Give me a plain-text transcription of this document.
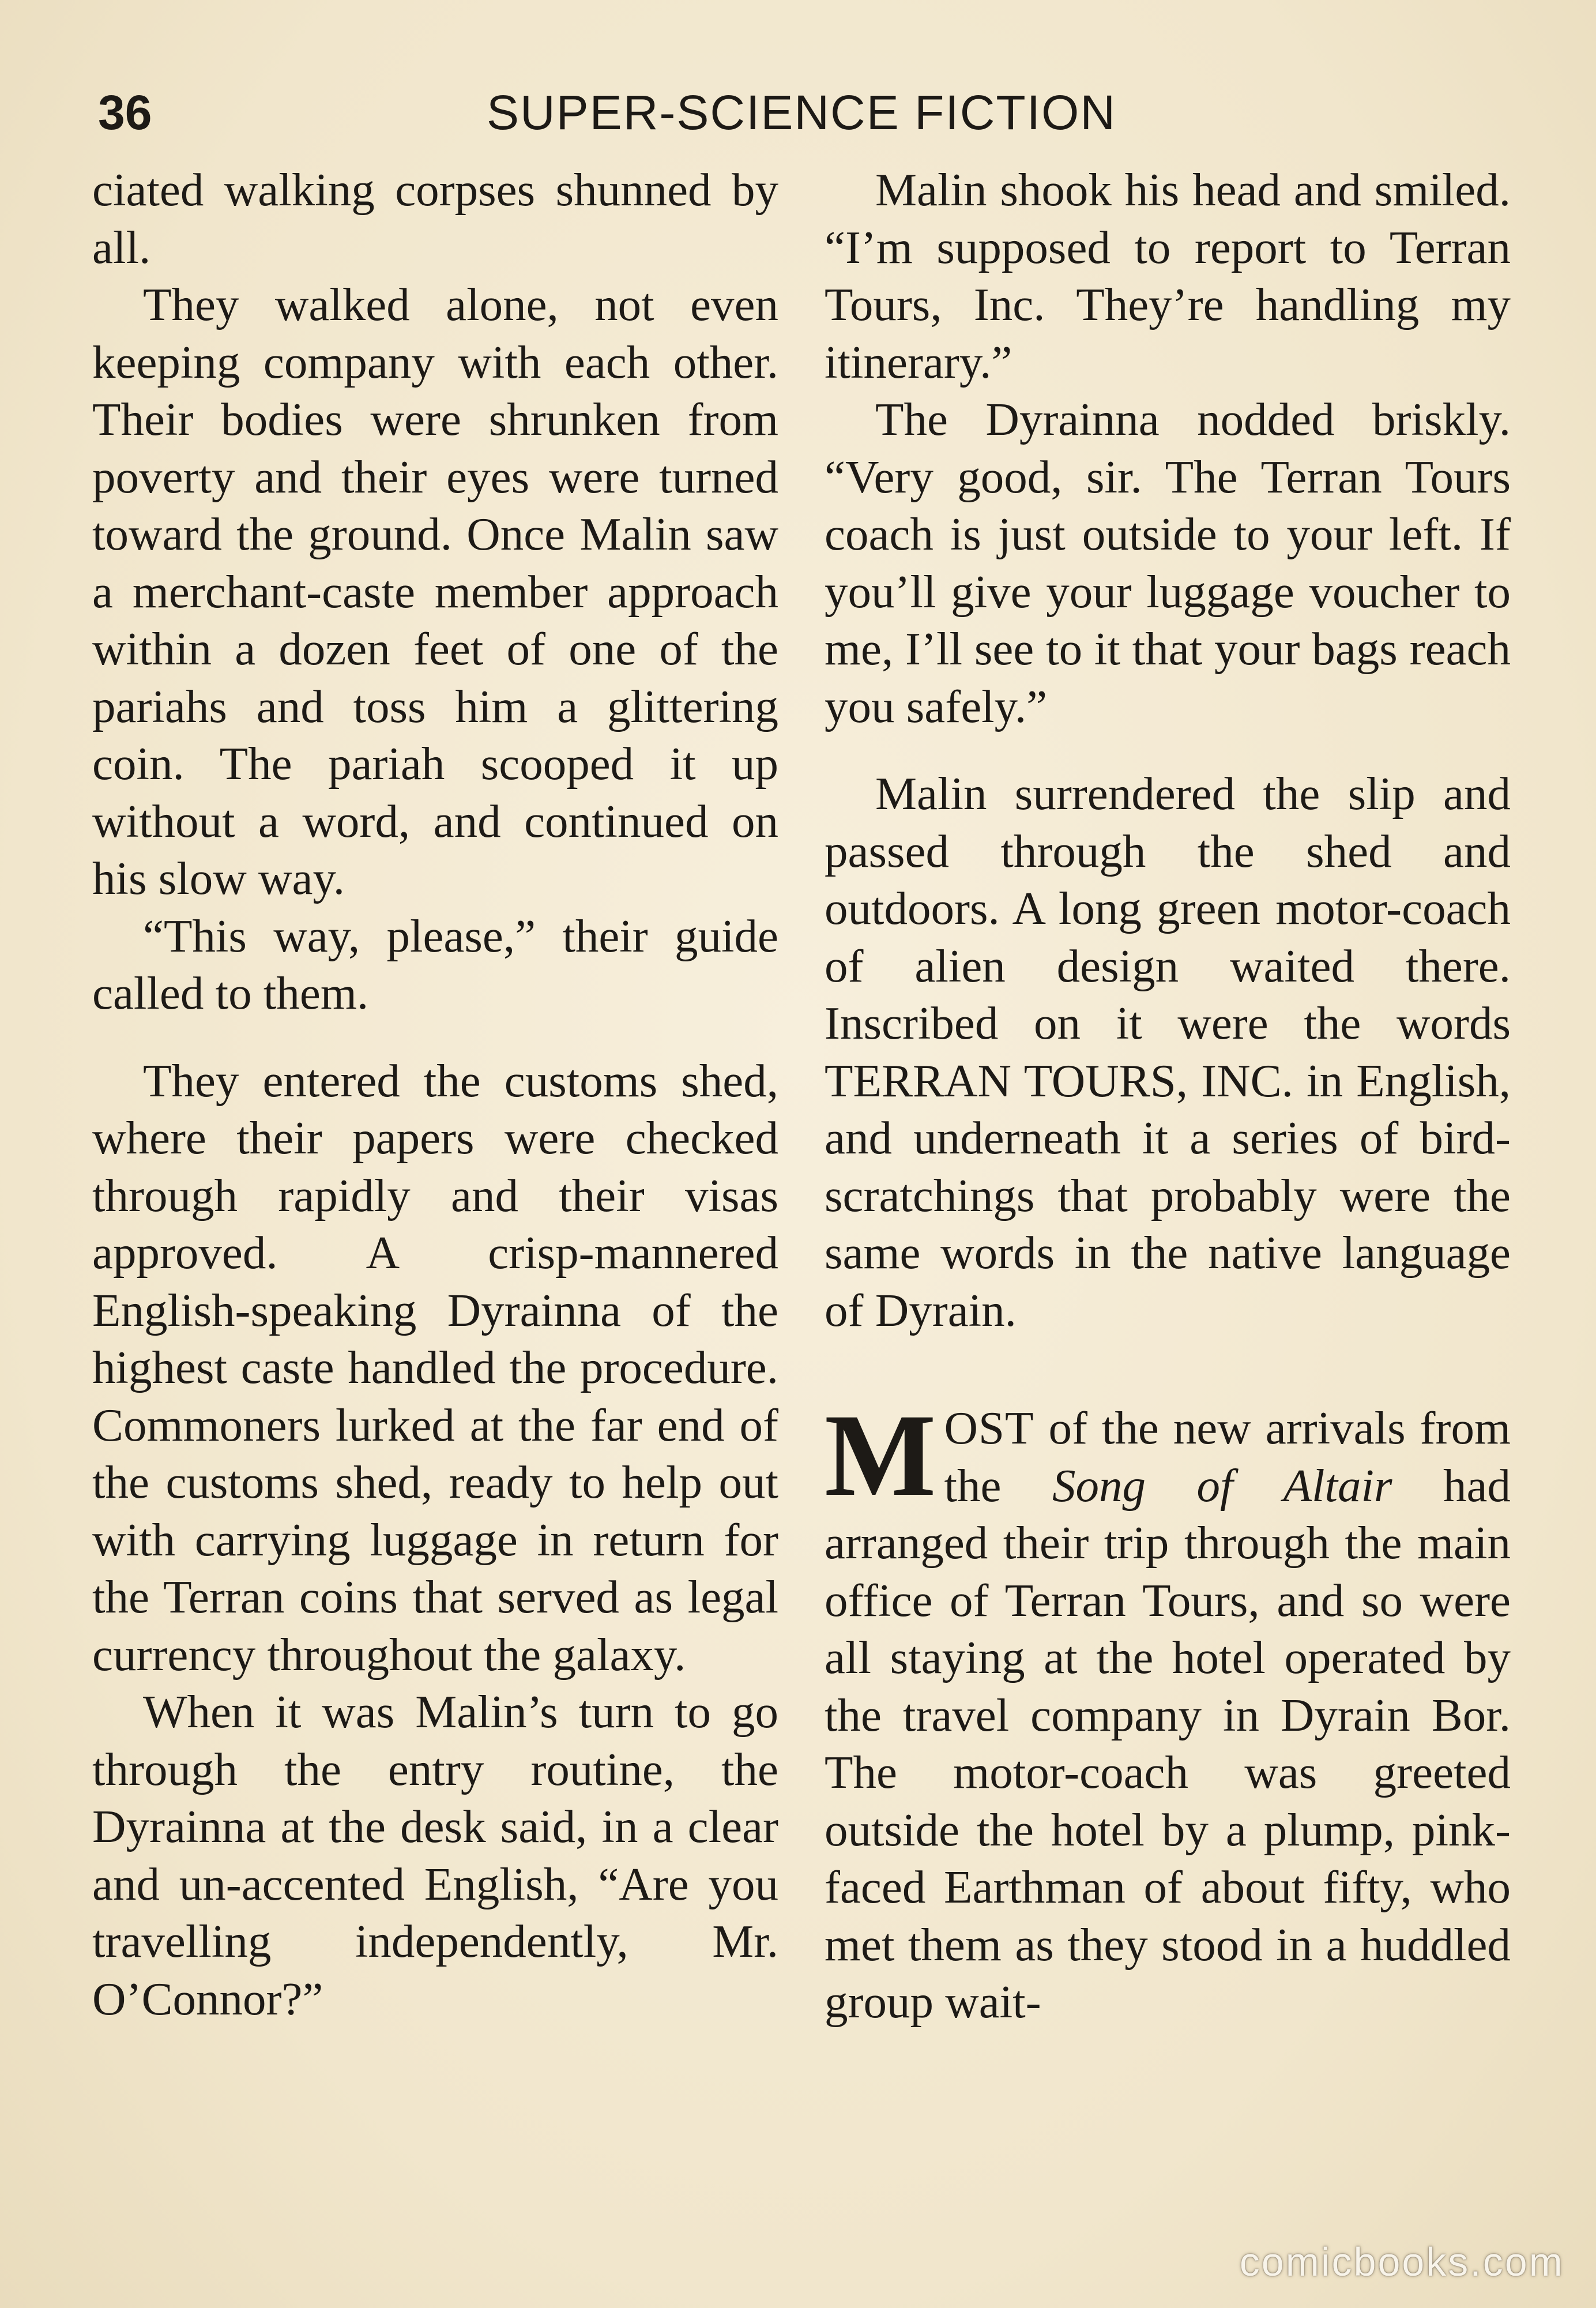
36	SUPER-SCIENCE FICTION

ciated walking corpses shunned by all.

They walked alone, not even keeping company with each other. Their bodies were shrunken from poverty and their eyes were turned toward the ground. Once Malin saw a merchant-caste member approach within a dozen feet of one of the pariahs and toss him a glittering coin. The pariah scooped it up without a word, and continued on his slow way.

“This way, please,” their guide called to them.

They entered the customs shed, where their papers were checked through rapidly and their visas approved. A crisp-mannered English-speaking Dyrainna of the highest caste handled the procedure. Commoners lurked at the far end of the customs shed, ready to help out with carrying luggage in return for the Terran coins that served as legal currency throughout the galaxy.

When it was Malin’s turn to go through the entry routine, the Dyrainna at the desk said, in a clear and un-accented English, “Are you travelling independently, Mr. O’Connor?”

Malin shook his head and smiled. “I’m supposed to report to Terran Tours, Inc. They’re handling my itinerary.”

The Dyrainna nodded briskly. “Very good, sir. The Terran Tours coach is just outside to your left. If you’ll give your luggage voucher to me, I’ll see to it that your bags reach you safely.”

Malin surrendered the slip and passed through the shed and outdoors. A long green motor-coach of alien design waited there. Inscribed on it were the words TERRAN TOURS, INC. in English, and underneath it a series of bird-scratchings that probably were the same words in the native language of Dyrain.

MOST of the new arrivals from the Song of Altair had arranged their trip through the main office of Terran Tours, and so were all staying at the hotel operated by the travel company in Dyrain Bor. The motor-coach was greeted outside the hotel by a plump, pink-faced Earthman of about fifty, who met them as they stood in a huddled group wait-

comicbooks.com
